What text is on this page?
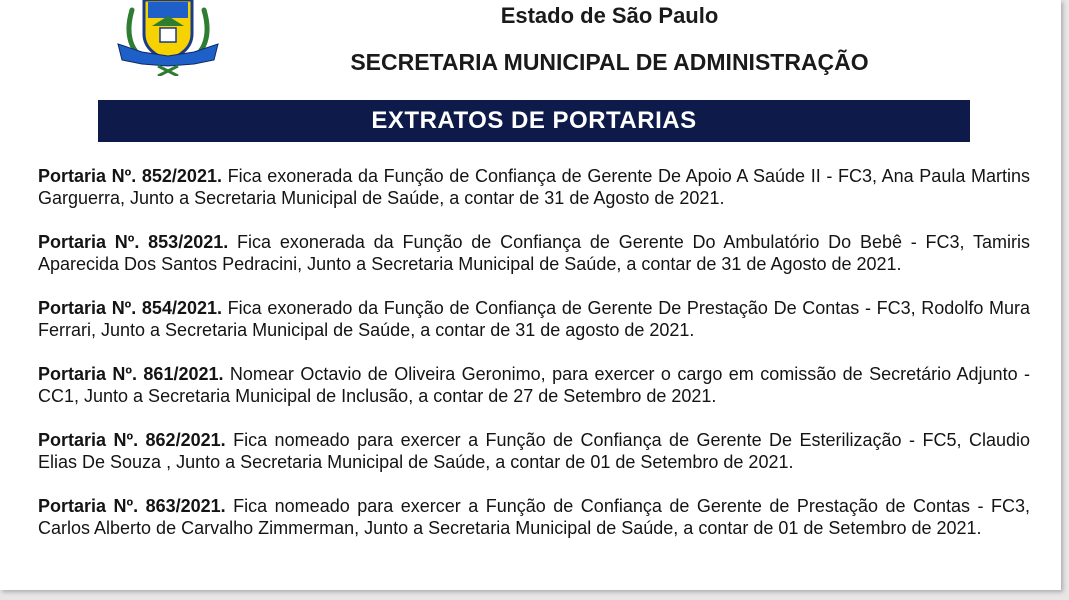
Estado de São Paulo
SECRETARIA MUNICIPAL DE ADMINISTRAÇÃO
EXTRATOS DE PORTARIAS

Portaria Nº. 852/2021. Fica exonerada da Função de Confiança de Gerente De Apoio A Saúde II - FC3, Ana Paula Martins Garguerra, Junto a Secretaria Municipal de Saúde, a contar de 31 de Agosto de 2021.

Portaria Nº. 853/2021. Fica exonerada da Função de Confiança de Gerente Do Ambulatório Do Bebê - FC3, Tamiris Aparecida Dos Santos Pedracini, Junto a Secretaria Municipal de Saúde, a contar de 31 de Agosto de 2021.

Portaria Nº. 854/2021. Fica exonerado da Função de Confiança de Gerente De Prestação De Contas - FC3, Rodolfo Mura Ferrari, Junto a Secretaria Municipal de Saúde, a contar de 31 de agosto de 2021.

Portaria Nº. 861/2021. Nomear Octavio de Oliveira Geronimo, para exercer o cargo em comissão de Secretário Adjunto - CC1, Junto a Secretaria Municipal de Inclusão, a contar de 27 de Setembro de 2021.

Portaria Nº. 862/2021. Fica nomeado para exercer a Função de Confiança de Gerente De Esterilização - FC5, Claudio Elias De Souza , Junto a Secretaria Municipal de Saúde, a contar de 01 de Setembro de 2021.

Portaria Nº. 863/2021. Fica nomeado para exercer a Função de Confiança de Gerente de Prestação de Contas - FC3, Carlos Alberto de Carvalho Zimmerman, Junto a Secretaria Municipal de Saúde, a contar de 01 de Setembro de 2021.
